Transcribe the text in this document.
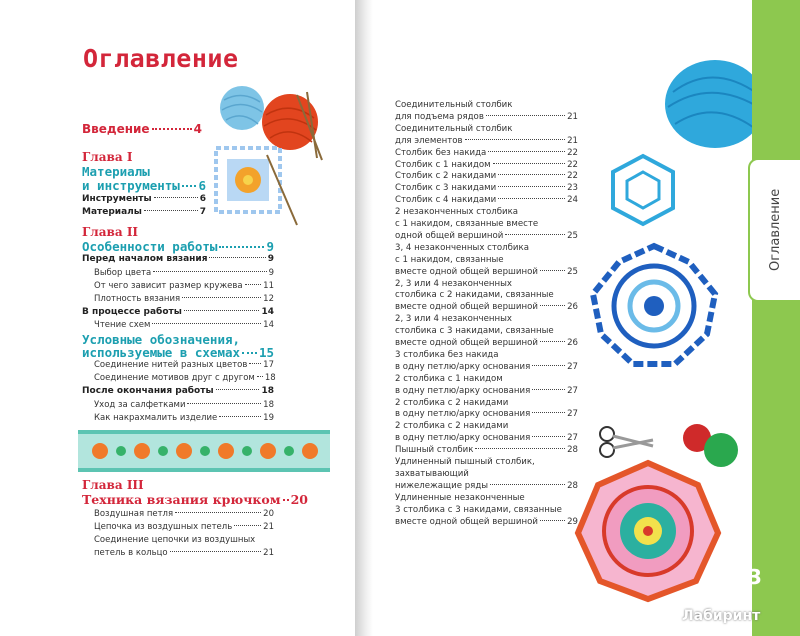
Оглавление
Введение	4
Глава I
Материалы
и инструменты 6
Инструменты	6
Материалы	7
Глава II
Особенности работы	9
Перед началом вязания	9
Выбор цвета	9
От чего зависит размер кружева 11
Плотность вязания	12
В процессе работы	14
Чтение схем	14
Условные обозначения,
используемые в схемах 15
Соединение нитей разных цветов 17
Соединение мотивов друг с другом 18
После окончания работы	18
Уход за салфетками	18
Как накрахмалить изделие	19
Глава III
Техника вязания крючком 20
Воздушная петля	20
Цепочка из воздушных петель	21
Соединение цепочки из воздушных
петель в кольцо	21
Соединительный столбик
для подъема рядов	21
Соединительный столбик
для элементов	21
Столбик без накида	22
Столбик с 1 накидом	22
Столбик с 2 накидами	22
Столбик с 3 накидами	23
Столбик с 4 накидами	24
2 незаконченных столбика
с 1 накидом, связанные вместе
одной общей вершиной	25
3, 4 незаконченных столбика
с 1 накидом, связанные
вместе одной общей вершиной	25
2, 3 или 4 незаконченных
столбика с 2 накидами, связанные
вместе одной общей вершиной	26
2, 3 или 4 незаконченных
столбика с 3 накидами, связанные
вместе одной общей вершиной	26
3 столбика без накида
в одну петлю/арку основания	27
2 столбика с 1 накидом
в одну петлю/арку основания	27
2 столбика с 2 накидами
в одну петлю/арку основания	27
2 столбика с 2 накидами
в одну петлю/арку основания	27
Пышный столбик	28
Удлиненный пышный столбик,
захватывающий
нижележащие ряды	28
Удлиненные незаконченные
3 столбика с 3 накидами, связанные
вместе одной общей вершиной	29
Оглавление
3
Лабиринт
